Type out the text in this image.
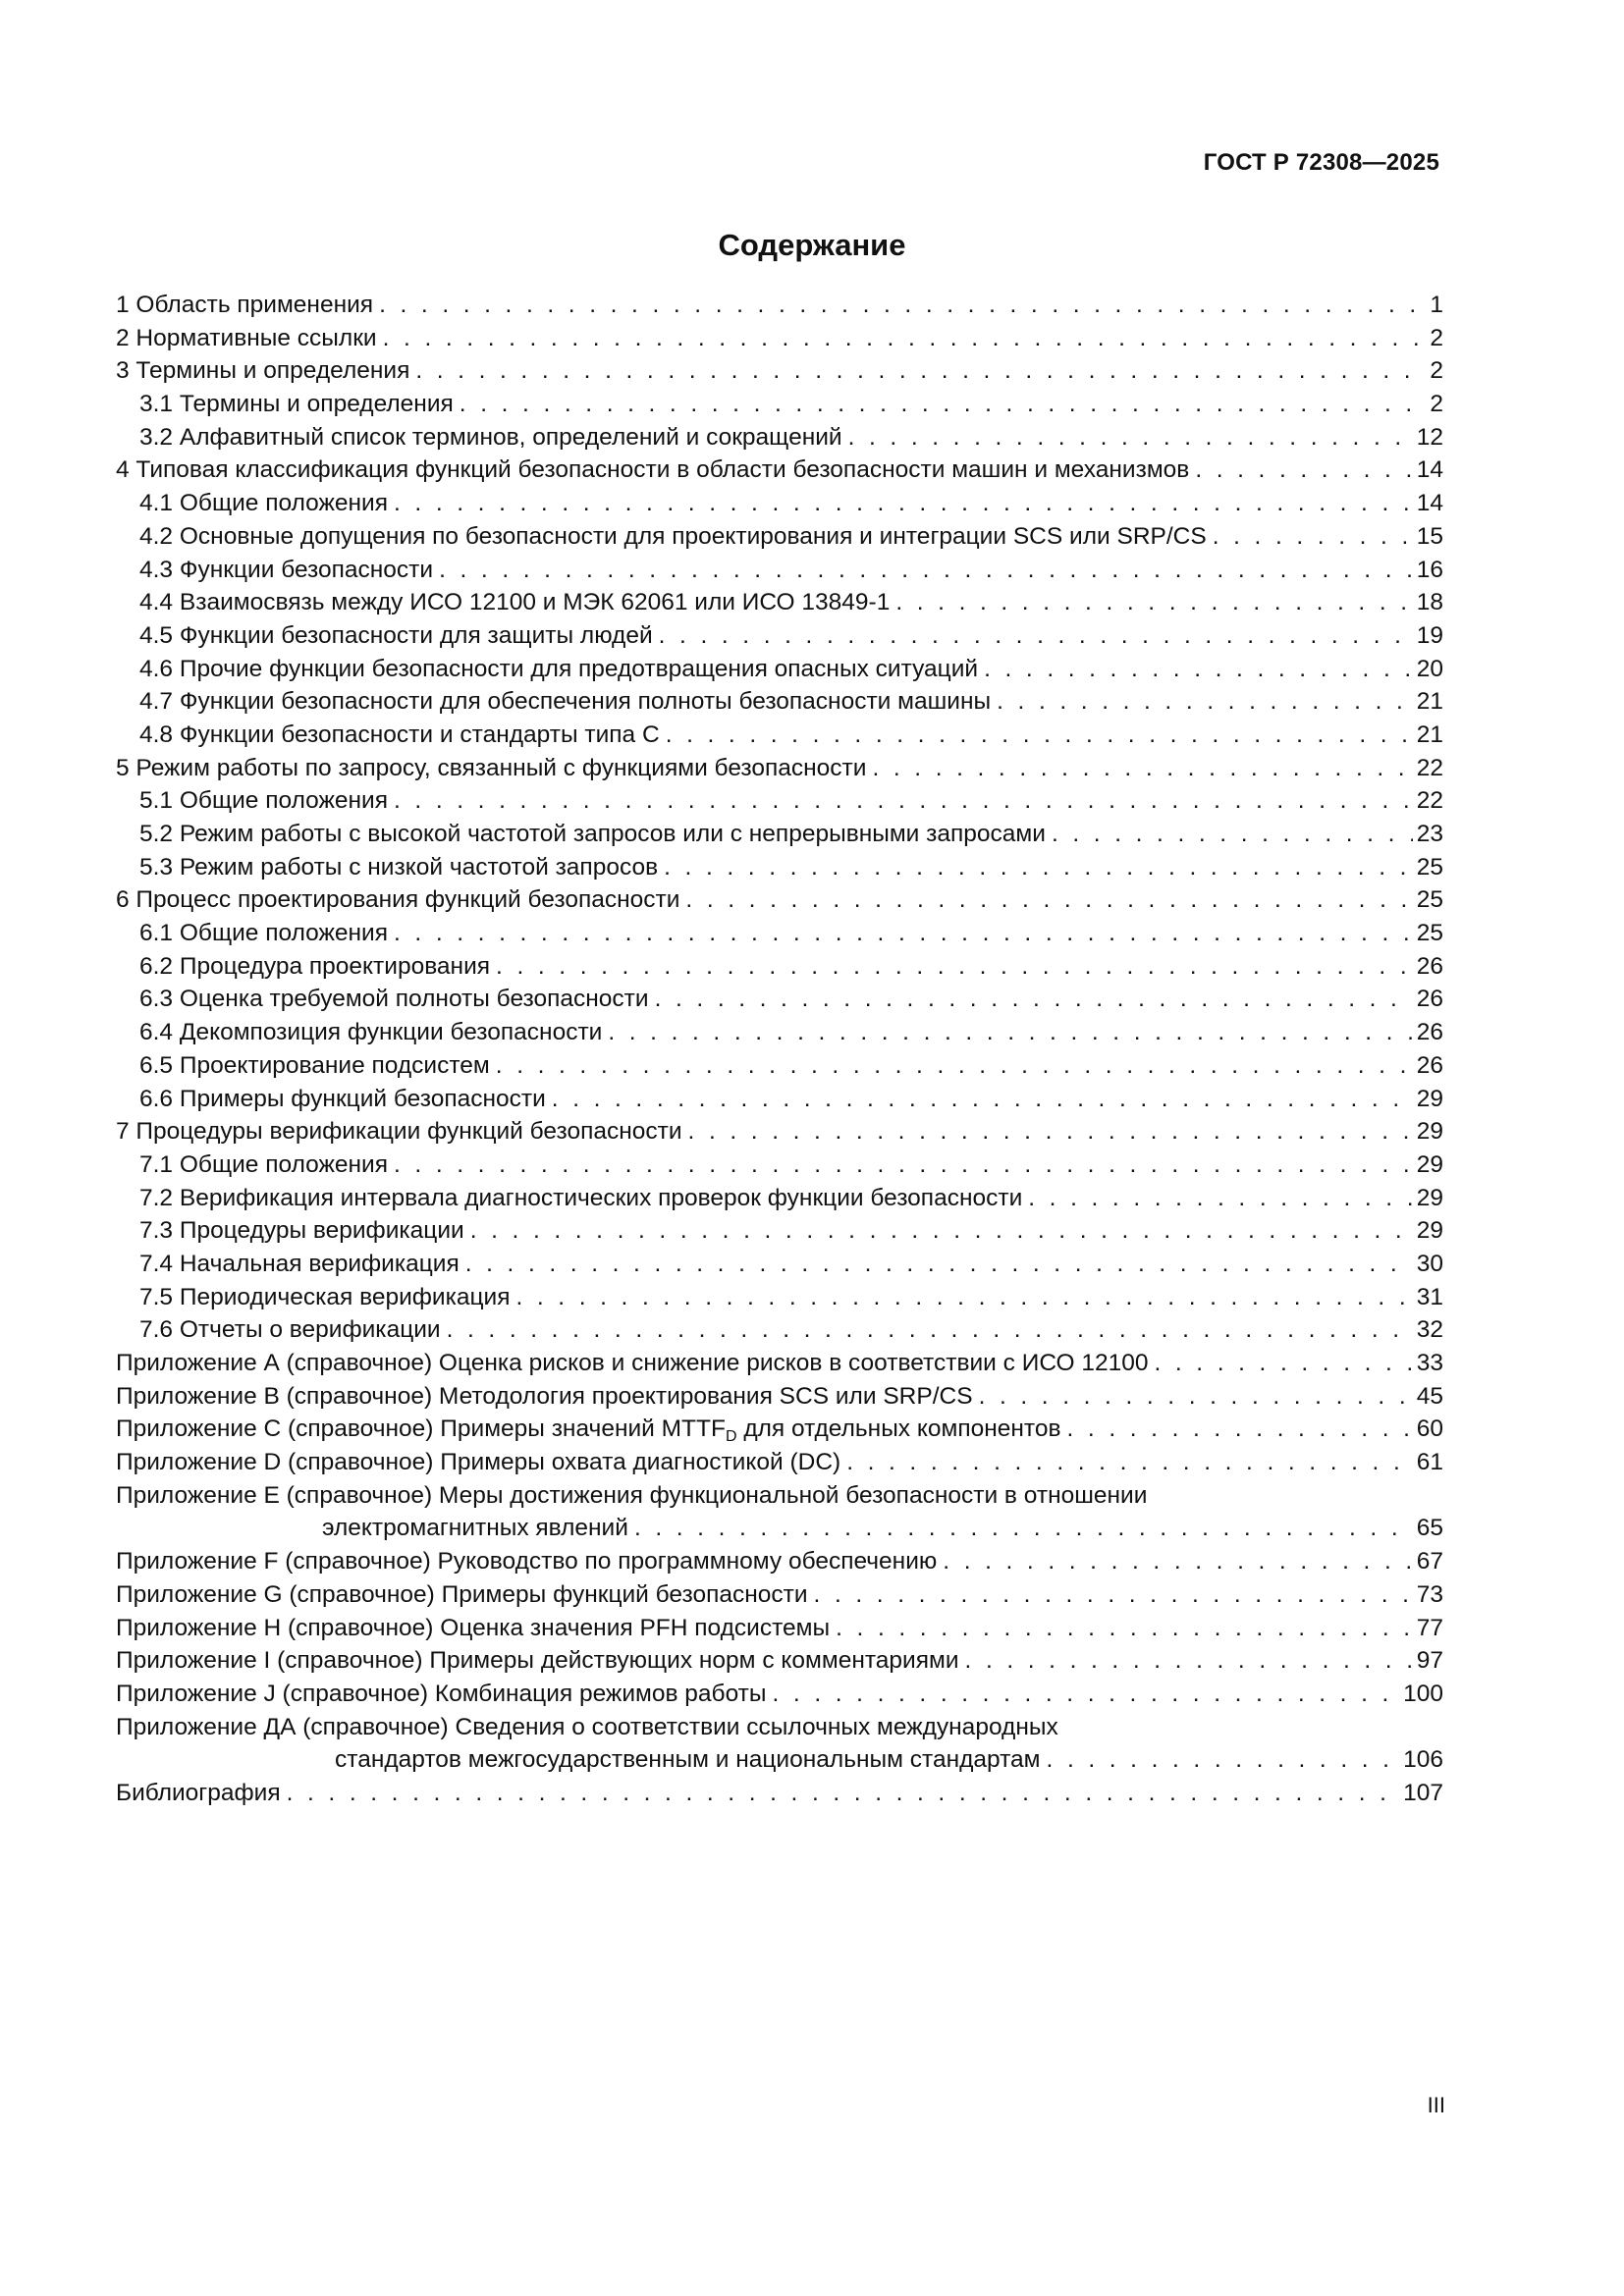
ГОСТ Р 72308—2025
Содержание
1 Область применения . . .	1
2 Нормативные ссылки . . .	2
3 Термины и определения . . .	2
3.1 Термины и определения . . .	2
3.2 Алфавитный список терминов, определений и сокращений . . .	12
4 Типовая классификация функций безопасности в области безопасности машин и механизмов . . .	14
4.1 Общие положения . . .	14
4.2 Основные допущения по безопасности для проектирования и интеграции SCS или SRP/CS . . .	15
4.3 Функции безопасности . . .	16
4.4 Взаимосвязь между ИСО 12100 и МЭК 62061 или ИСО 13849-1 . . .	18
4.5 Функции безопасности для защиты людей . . .	19
4.6 Прочие функции безопасности для предотвращения опасных ситуаций . . .	20
4.7 Функции безопасности для обеспечения полноты безопасности машины . . .	21
4.8 Функции безопасности и стандарты типа С . . .	21
5 Режим работы по запросу, связанный с функциями безопасности . . .	22
5.1 Общие положения . . .	22
5.2 Режим работы с высокой частотой запросов или с непрерывными запросами . . .	23
5.3 Режим работы с низкой частотой запросов . . .	25
6 Процесс проектирования функций безопасности . . .	25
6.1 Общие положения . . .	25
6.2 Процедура проектирования . . .	26
6.3 Оценка требуемой полноты безопасности . . .	26
6.4 Декомпозиция функции безопасности . . .	26
6.5 Проектирование подсистем . . .	26
6.6 Примеры функций безопасности . . .	29
7 Процедуры верификации функций безопасности . . .	29
7.1 Общие положения . . .	29
7.2 Верификация интервала диагностических проверок функции безопасности . . .	29
7.3 Процедуры верификации . . .	29
7.4 Начальная верификация . . .	30
7.5 Периодическая верификация . . .	31
7.6 Отчеты о верификации . . .	32
Приложение А (справочное) Оценка рисков и снижение рисков в соответствии с ИСО 12100 . . .	33
Приложение В (справочное) Методология проектирования SCS или SRP/CS . . .	45
Приложение С (справочное) Примеры значений $MTTF_D$ для отдельных компонентов . . .	60
Приложение D (справочное) Примеры охвата диагностикой (DC) . . .	61
Приложение Е (справочное) Меры достижения функциональной безопасности в отношении
электромагнитных явлений . . .	65
Приложение F (справочное) Руководство по программному обеспечению . . .	67
Приложение G (справочное) Примеры функций безопасности . . .	73
Приложение Н (справочное) Оценка значения PFH подсистемы . . .	77
Приложение I (справочное) Примеры действующих норм с комментариями . . .	97
Приложение J (справочное) Комбинация режимов работы . . .	100
Приложение ДА (справочное) Сведения о соответствии ссылочных международных
стандартов межгосударственным и национальным стандартам . . .	106
Библиография . . .	107
III
